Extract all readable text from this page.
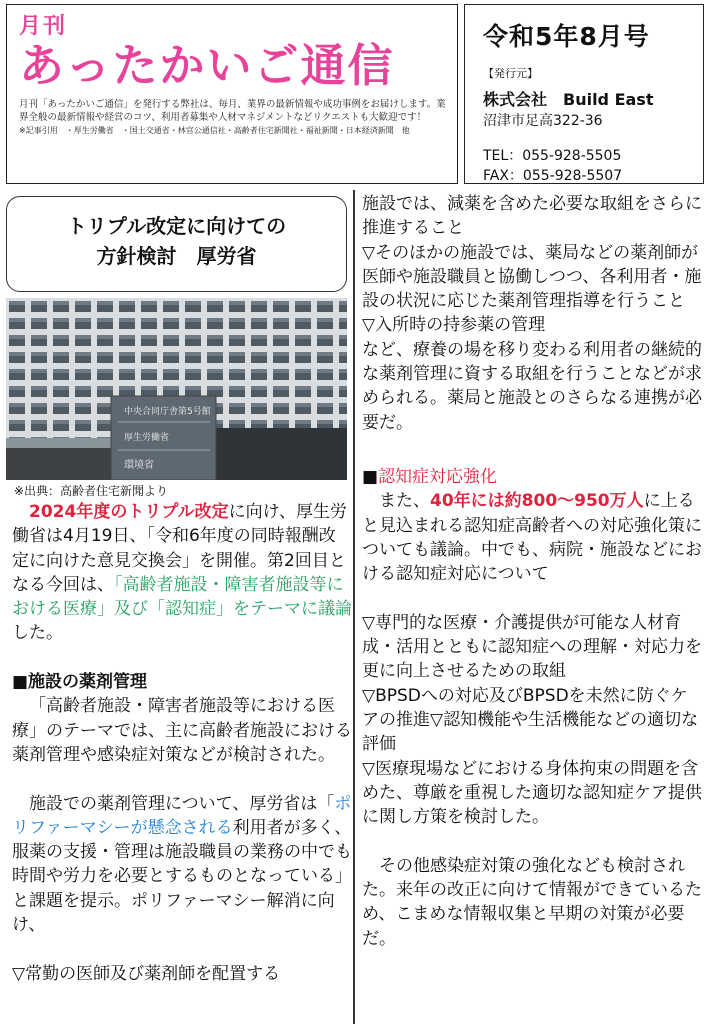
月刊
あったかいご通信
月刊「あったかいご通信」を発行する弊社は、毎月、業界の最新情報や成功事例をお届けします。業界全般の最新情報や経営のコツ、利用者募集や人材マネジメントなどリクエストも大歓迎です！
※記事引用　・厚生労働省　・国土交通省・林官公通信社・高齢者住宅新聞社・福祉新聞・日本経済新聞　他
令和5年8月号
【発行元】
株式会社　Build East
沼津市足高322-36
TEL：055-928-5505
FAX：055-928-5507
トリプル改定に向けての
方針検討　厚労省
中央合同庁舎第5号館
厚生労働省
環境省
※出典：高齢者住宅新聞より

 2024年度のトリプル改定に向け、厚生労働省は4月19日、「令和6年度の同時報酬改定に向けた意見交換会」を開催。第2回目となる今回は、「高齢者施設・障害者施設等における医療」及び「認知症」をテーマに議論した。

■施設の薬剤管理

 「高齢者施設・障害者施設等における医療」のテーマでは、主に高齢者施設における薬剤管理や感染症対策などが検討された。

 施設での薬剤管理について、厚労省は「ポリファーマシーが懸念される利用者が多く、服薬の支援・管理は施設職員の業務の中でも時間や労力を必要とするものとなっている」と課題を提示。ポリファーマシー解消に向け、

▽常勤の医師及び薬剤師を配置する

施設では、減薬を含めた必要な取組をさらに推進すること

▽そのほかの施設では、薬局などの薬剤師が医師や施設職員と協働しつつ、各利用者・施設の状況に応じた薬剤管理指導を行うこと

▽入所時の持参薬の管理

など、療養の場を移り変わる利用者の継続的な薬剤管理に資する取組を行うことなどが求められる。薬局と施設とのさらなる連携が必要だ。

■認知症対応強化

 また、40年には約800〜950万人に上ると見込まれる認知症高齢者への対応強化策についても議論。中でも、病院・施設などにおける認知症対応について

▽専門的な医療・介護提供が可能な人材育成・活用とともに認知症への理解・対応力を更に向上させるための取組

▽BPSDへの対応及びBPSDを未然に防ぐケアの推進▽認知機能や生活機能などの適切な評価

▽医療現場などにおける身体拘束の問題を含めた、尊厳を重視した適切な認知症ケア提供

に関し方策を検討した。

 その他感染症対策の強化なども検討された。来年の改正に向けて情報ができているため、こまめな情報収集と早期の対策が必要だ。
